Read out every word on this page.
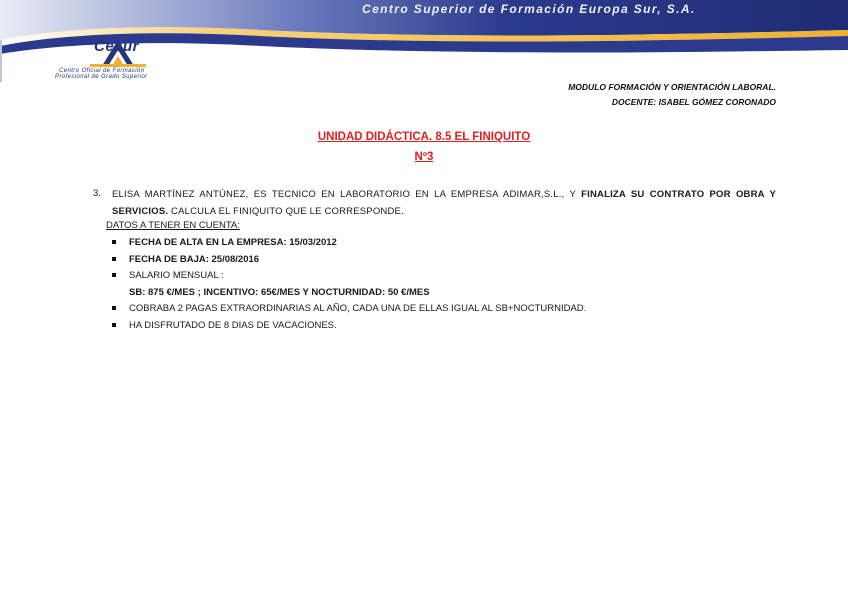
Centro Superior de Formación Europa Sur, S.A.
Cesur
Centro Oficial de Formación
Profesional de Grado Superior
MODULO FORMACIÓN Y ORIENTACIÓN LABORAL.
DOCENTE: ISABEL GÓMEZ CORONADO
UNIDAD DIDÁCTICA. 8.5 EL FINIQUITO
Nº3
3. ELISA MARTÍNEZ ANTÚNEZ, ES TECNICO EN LABORATORIO EN LA EMPRESA ADIMAR,S.L., Y FINALIZA SU CONTRATO POR OBRA Y SERVICIOS. CALCULA EL FINIQUITO QUE LE CORRESPONDE.
DATOS A TENER EN CUENTA:
FECHA DE ALTA EN LA EMPRESA: 15/03/2012
FECHA DE BAJA: 25/08/2016
SALARIO MENSUAL :
COBRABA 2 PAGAS EXTRAORDINARIAS AL AÑO, CADA UNA DE ELLAS IGUAL AL SB+NOCTURNIDAD.
HA DISFRUTADO DE 8 DIAS DE VACACIONES.
SB: 875 €/MES ; INCENTIVO: 65€/MES Y NOCTURNIDAD: 50 €/MES
